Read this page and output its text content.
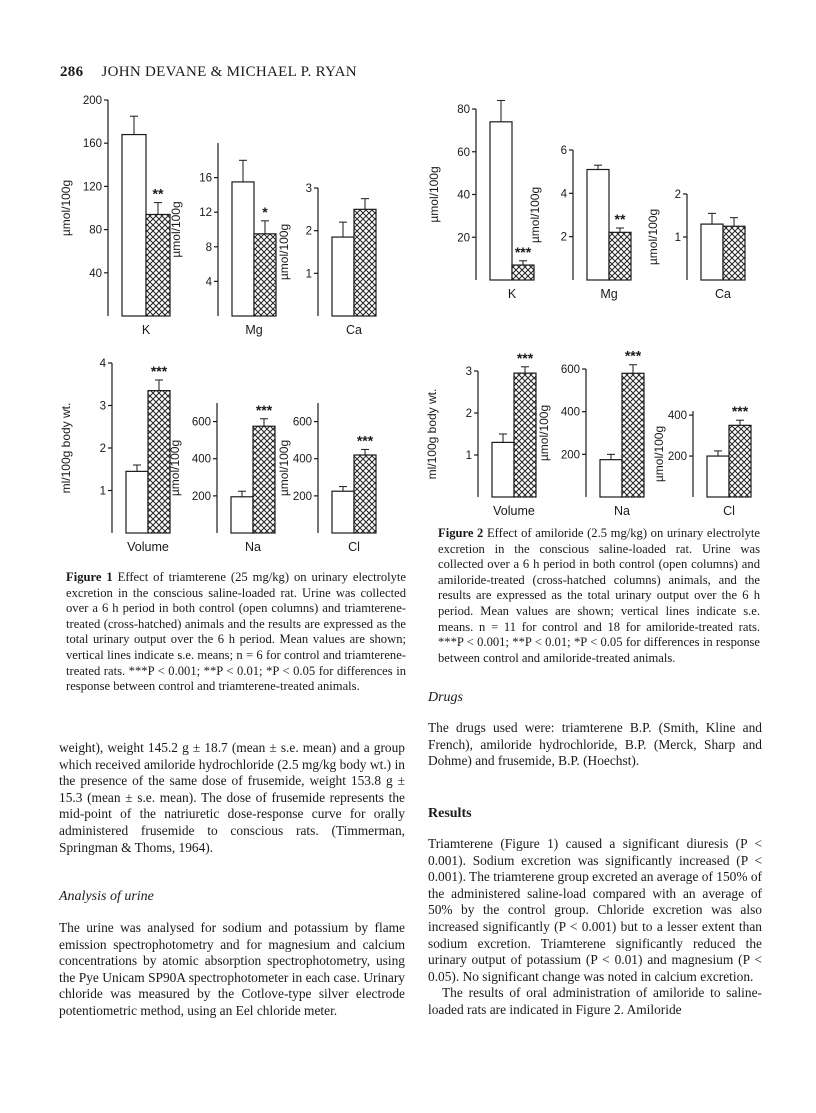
286 JOHN DEVANE & MICHAEL P. RYAN
40
80
120
160
200
µmol/100g	**
K
4
8
12
16
µmol/100g	*
Mg
1
2
3
µmol/100g
Ca
1
2
3
4
ml/100g body wt.
***
Volume
200
400
600
µmol/100g
***
Na
200
400
600
µmol/100g	***
Cl
20
40
60
80
µmol/100g
***
K
2
4
6
µmol/100g	**
Mg
1
2
µmol/100g
Ca
1
2
3
ml/100g body wt.
***
Volume
200
400
600
µmol/100g
***
Na
200
400
µmol/100g
***
Cl
Figure 1 Effect of triamterene (25 mg/kg) on urinary electrolyte excretion in the conscious saline-loaded rat. Urine was collected over a 6 h period in both control (open columns) and triamterene-treated (cross-hatched) animals and the results are expressed as the total urinary output over the 6 h period. Mean values are shown; vertical lines indicate s.e. means; n = 6 for control and triamterene-treated rats. ***P < 0.001; **P < 0.01; *P < 0.05 for differences in response between control and triamterene-treated animals.
Figure 2 Effect of amiloride (2.5 mg/kg) on urinary electrolyte excretion in the conscious saline-loaded rat. Urine was collected over a 6 h period in both control (open columns) and amiloride-treated (cross-hatched columns) animals, and the results are expressed as the total urinary output over the 6 h period. Mean values are shown; vertical lines indicate s.e. means. n = 11 for control and 18 for amiloride-treated rats. ***P < 0.001; **P < 0.01; *P < 0.05 for differences in response between control and amiloride-treated animals.

weight), weight 145.2 g ± 18.7 (mean ± s.e. mean) and a group which received amiloride hydrochloride (2.5 mg/kg body wt.) in the presence of the same dose of frusemide, weight 153.8 g ± 15.3 (mean ± s.e. mean). The dose of frusemide represents the mid-point of the natriuretic dose-response curve for orally administered frusemide to conscious rats. (Timmerman, Springman & Thoms, 1964).

Analysis of urine

The urine was analysed for sodium and potassium by flame emission spectrophotometry and for magnesium and calcium concentrations by atomic absorption spectrophotometry, using the Pye Unicam SP90A spectrophotometer in each case. Urinary chloride was measured by the Cotlove-type silver electrode potentiometric method, using an Eel chloride meter.

Drugs

The drugs used were: triamterene B.P. (Smith, Kline and French), amiloride hydrochloride, B.P. (Merck, Sharp and Dohme) and frusemide, B.P. (Hoechst).

Results

Triamterene (Figure 1) caused a significant diuresis (P < 0.001). Sodium excretion was significantly increased (P < 0.001). The triamterene group excreted an average of 150% of the administered saline-load compared with an average of 50% by the control group. Chloride excretion was also increased significantly (P < 0.001) but to a lesser extent than sodium excretion. Triamterene significantly reduced the urinary output of potassium (P < 0.01) and magnesium (P < 0.05). No significant change was noted in calcium excretion.

The results of oral administration of amiloride to saline-loaded rats are indicated in Figure 2. Amiloride
